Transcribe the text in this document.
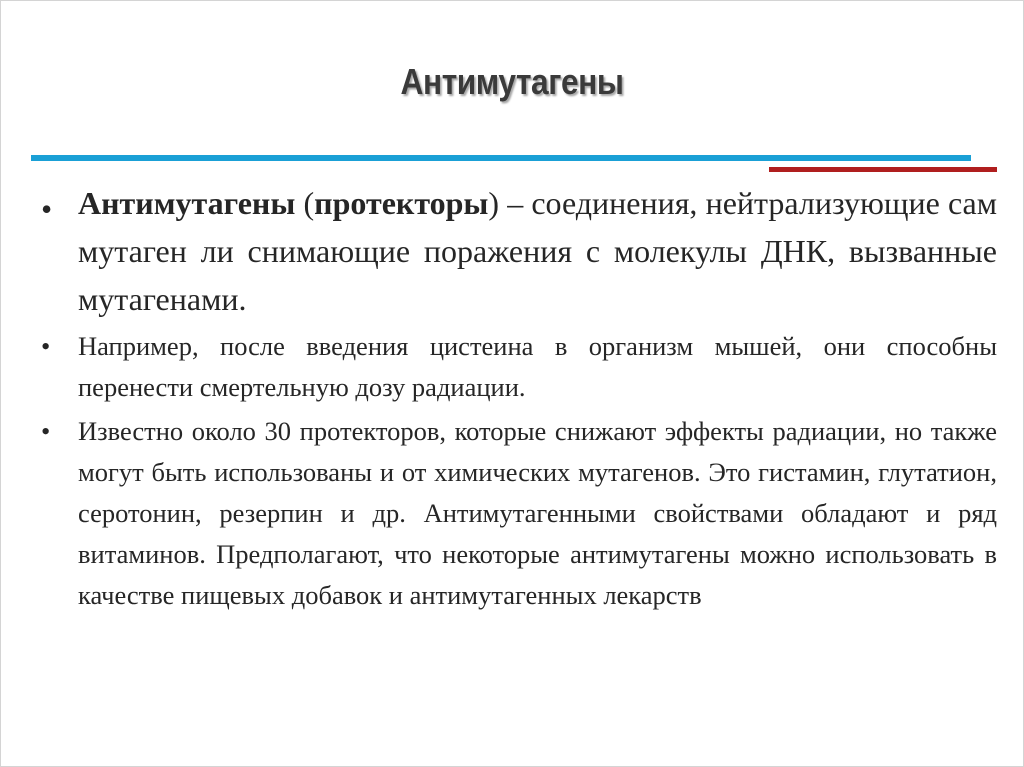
Антимутагены
• Антимутагены (протекторы) – соединения, нейтрализующие сам мутаген ли снимающие поражения с молекулы ДНК, вызванные мутагенами.
• Например, после введения цистеина в организм мышей, они способны перенести смертельную дозу радиации.
• Известно около 30 протекторов, которые снижают эффекты радиации, но также могут быть использованы и от химических мутагенов. Это гистамин, глутатион, серотонин, резерпин и др. Антимутагенными свойствами обладают и ряд витаминов. Предполагают, что некоторые антимутагены можно использовать в качестве пищевых добавок и антимутагенных лекарств
